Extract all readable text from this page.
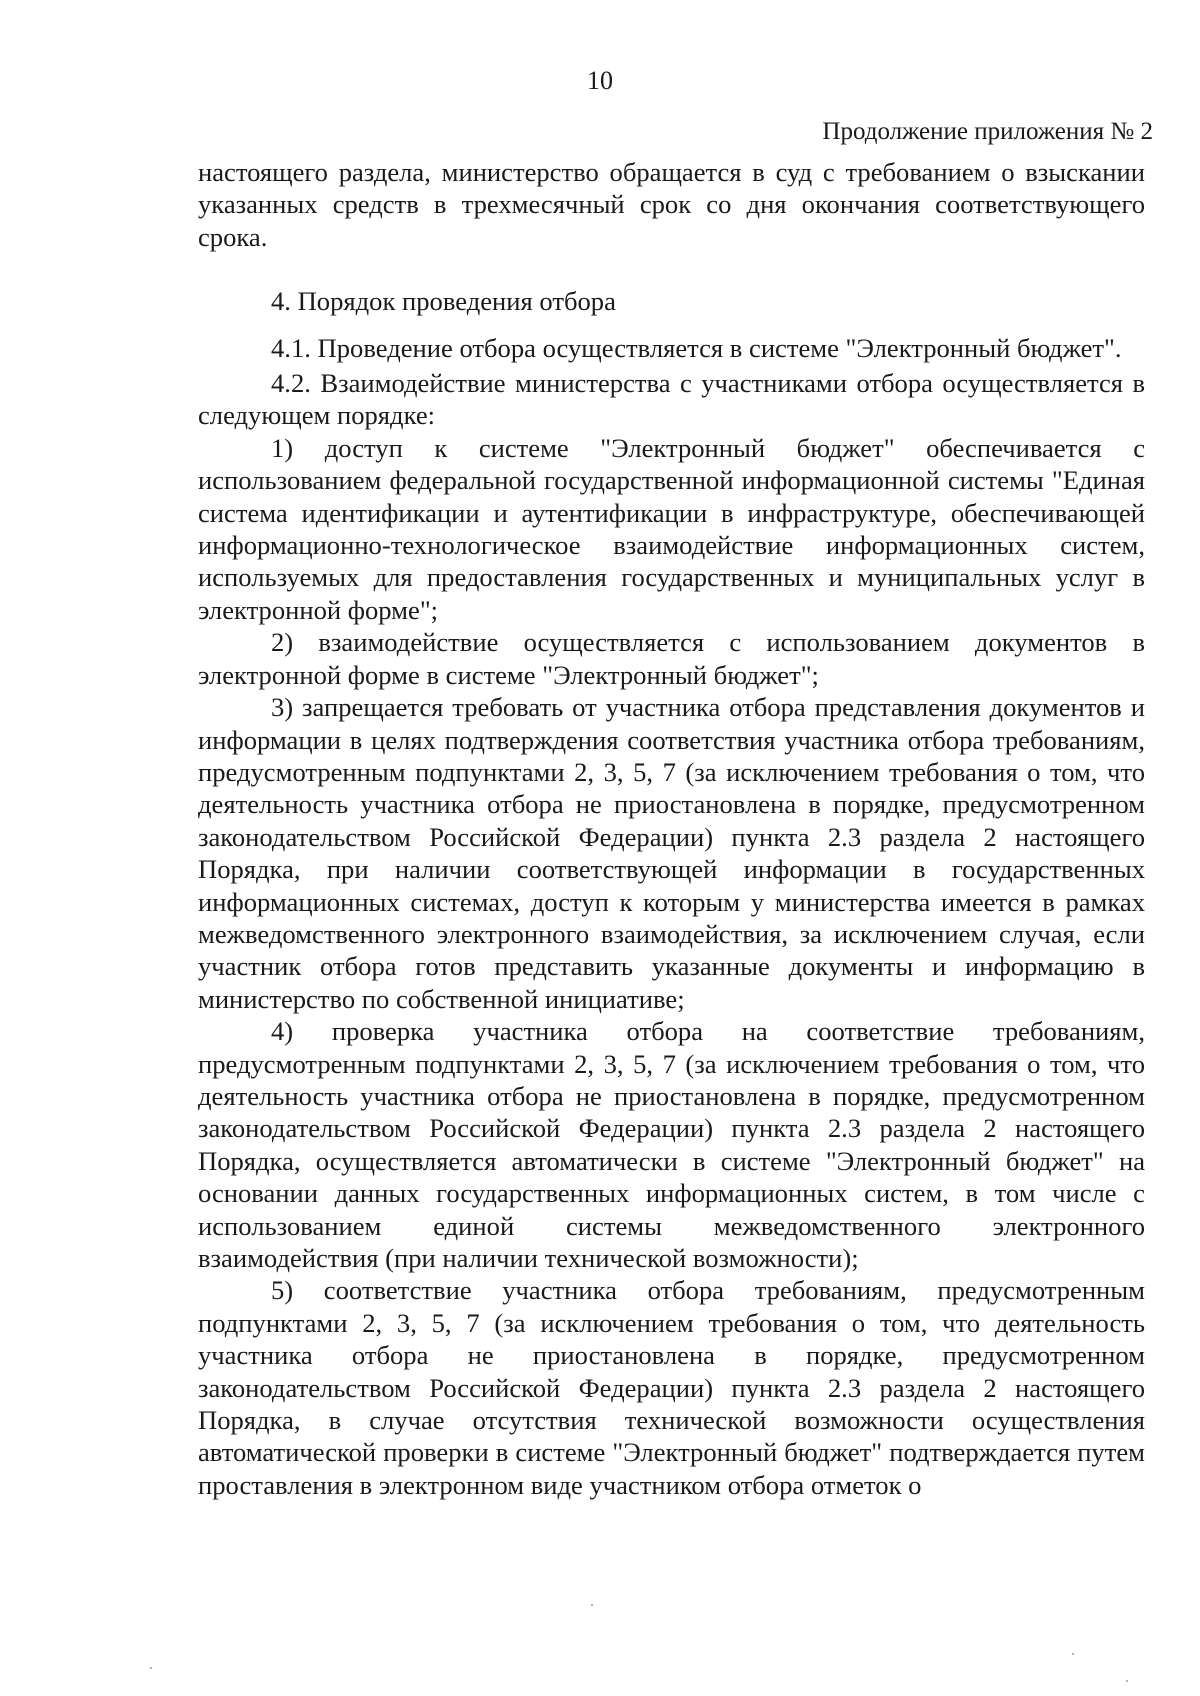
10
Продолжение приложения № 2

настоящего раздела, министерство обращается в суд с требованием о взыскании указанных средств в трехмесячный срок со дня окончания соответствующего срока.

4. Порядок проведения отбора

4.1. Проведение отбора осуществляется в системе "Электронный бюджет".

4.2. Взаимодействие министерства с участниками отбора осуществляется в следующем порядке:

1) доступ к системе "Электронный бюджет" обеспечивается с использованием федеральной государственной информационной системы "Единая система идентификации и аутентификации в инфраструктуре, обеспечивающей информационно-технологическое взаимодействие информационных систем, используемых для предоставления государственных и муниципальных услуг в электронной форме";

2) взаимодействие осуществляется с использованием документов в электронной форме в системе "Электронный бюджет";

3) запрещается требовать от участника отбора представления документов и информации в целях подтверждения соответствия участника отбора требованиям, предусмотренным подпунктами 2, 3, 5, 7 (за исключением требования о том, что деятельность участника отбора не приостановлена в порядке, предусмотренном законодательством Российской Федерации) пункта 2.3 раздела 2 настоящего Порядка, при наличии соответствующей информации в государственных информационных системах, доступ к которым у министерства имеется в рамках межведомственного электронного взаимодействия, за исключением случая, если участник отбора готов представить указанные документы и информацию в министерство по собственной инициативе;

4) проверка участника отбора на соответствие требованиям, предусмотренным подпунктами 2, 3, 5, 7 (за исключением требования о том, что деятельность участника отбора не приостановлена в порядке, предусмотренном законодательством Российской Федерации) пункта 2.3 раздела 2 настоящего Порядка, осуществляется автоматически в системе "Электронный бюджет" на основании данных государственных информационных систем, в том числе с использованием единой системы межведомственного электронного взаимодействия (при наличии технической возможности);

5) соответствие участника отбора требованиям, предусмотренным подпунктами 2, 3, 5, 7 (за исключением требования о том, что деятельность участника отбора не приостановлена в порядке, предусмотренном законодательством Российской Федерации) пункта 2.3 раздела 2 настоящего Порядка, в случае отсутствия технической возможности осуществления автоматической проверки в системе "Электронный бюджет" подтверждается путем проставления в электронном виде участником отбора отметок о
